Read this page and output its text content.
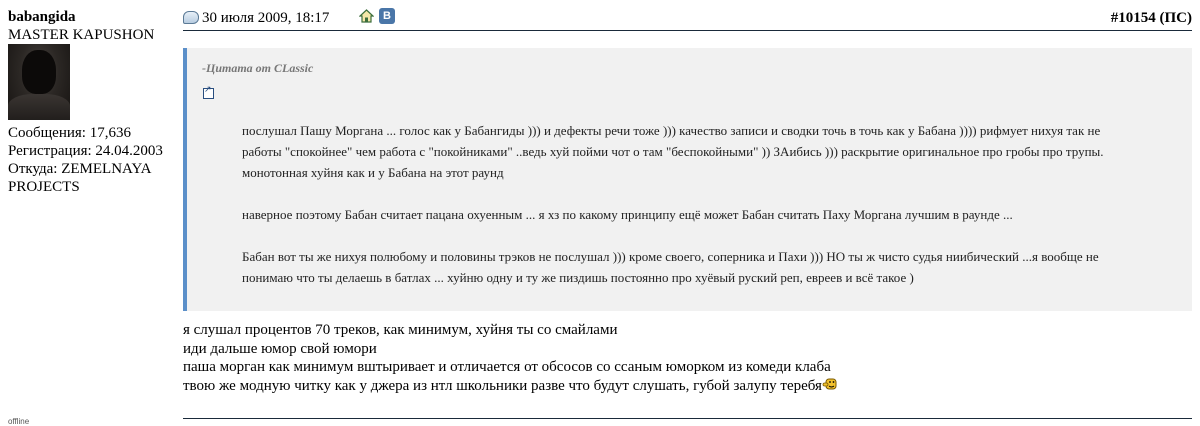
babangida
MASTER KAPUSHON
Сообщения: 17,636
Регистрация: 24.04.2003
Откуда: ZEMELNAYA
PROJECTS
offline
30 июля 2009, 18:17	В	#10154 (ПС)
-Цитата от CLassic
↗

послушал Пашу Моргана ... голос как у Бабангиды ))) и дефекты речи тоже ))) качество записи и сводки точь в точь как у Бабана )))) рифмует нихуя так не работы "спокойнее" чем работа с "покойниками" ..ведь хуй пойми чот о там "беспокойными" )) ЗАибись ))) раскрытие оригинальное про гробы про трупы. монотонная хуйня как и у Бабана на этот раунд

наверное поэтому Бабан считает пацана охуенным ... я хз по какому принципу ещё может Бабан считать Паху Моргана лучшим в раунде ...

Бабан вот ты же нихуя полюбому и половины трэков не послушал ))) кроме своего, соперника и Пахи ))) НО ты ж чисто судья ниибический ...я вообще не понимаю что ты делаешь в батлах ... хуйню одну и ту же пиздишь постоянно про хуёвый руский реп, евреев и всё такое )

я слушал процентов 70 треков, как минимум, хуйня ты со смайлами
иди дальше юмор свой юмори
паша морган как минимум вштыривает и отличается от обсосов со ссаным юморком из комеди клаба
твою же модную читку как у джера из нтл школьники разве что будут слушать, губой залупу теребя
